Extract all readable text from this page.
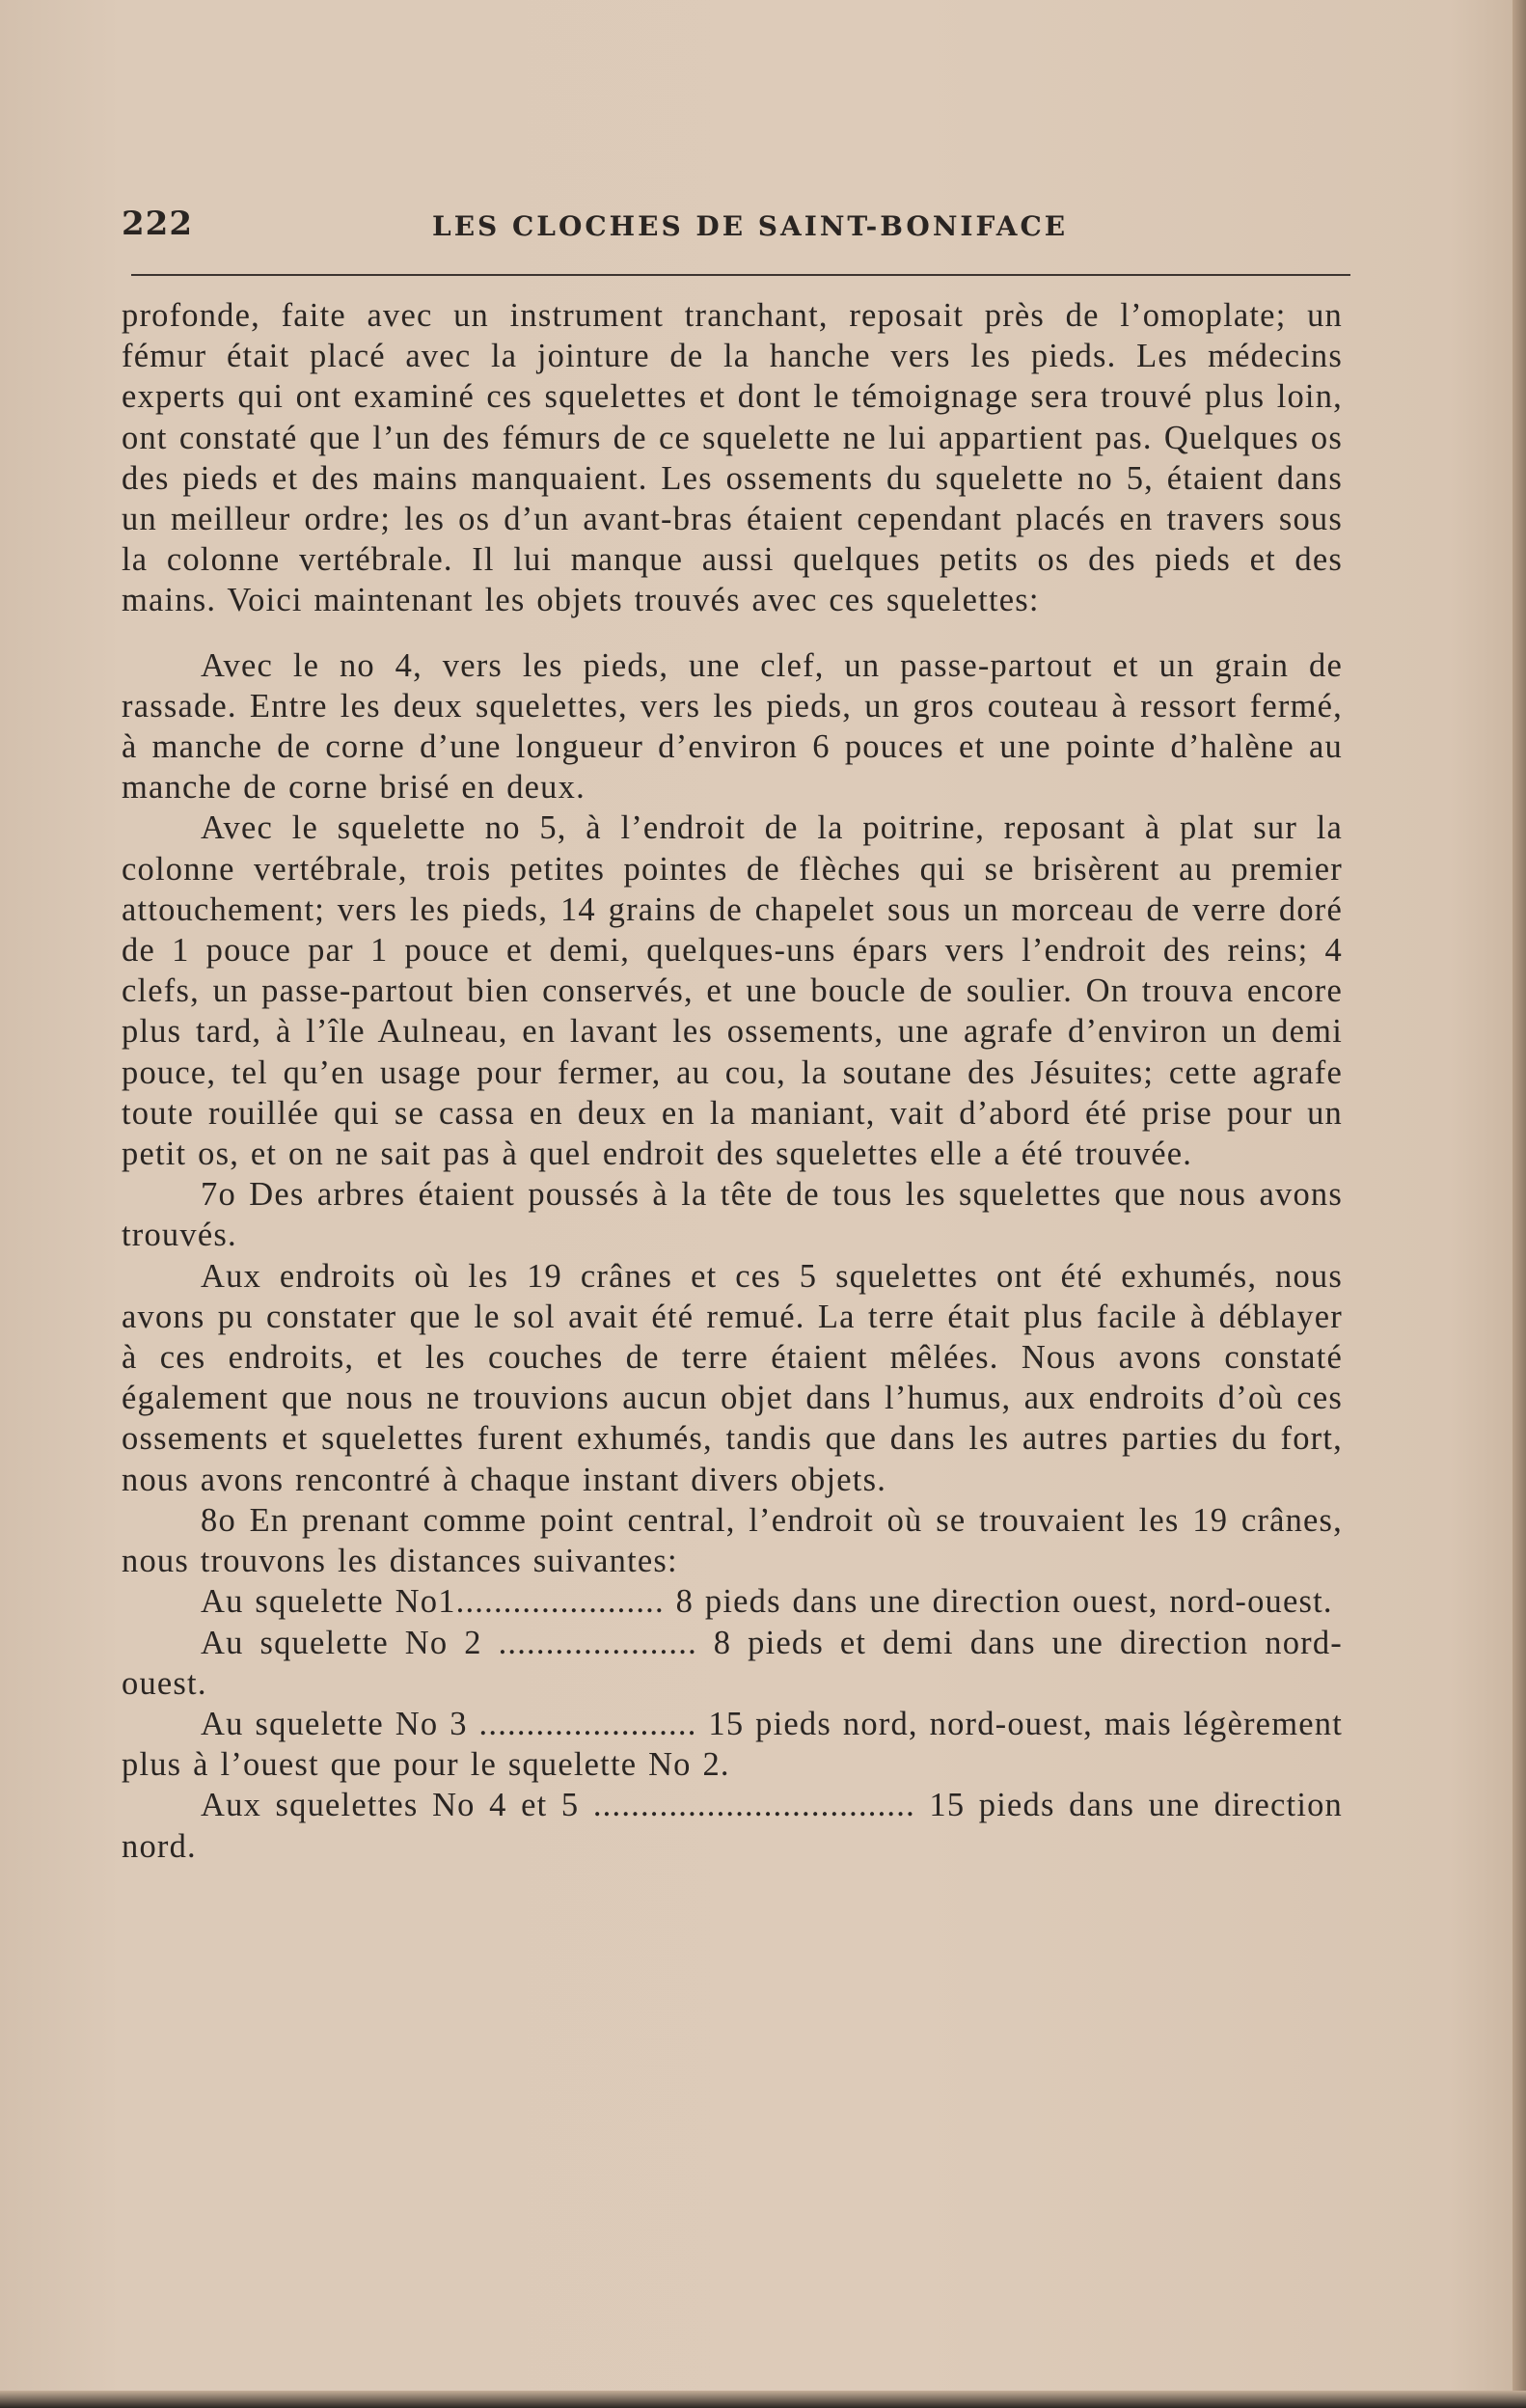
222	LES CLOCHES DE SAINT-BONIFACE

profonde, faite avec un instrument tranchant, reposait près de l’omoplate; un fémur était placé avec la jointure de la hanche vers les pieds. Les médecins experts qui ont examiné ces squelettes et dont le témoignage sera trouvé plus loin, ont constaté que l’un des fémurs de ce squelette ne lui appartient pas. Quelques os des pieds et des mains manquaient. Les ossements du squelette no 5, étaient dans un meilleur ordre; les os d’un avant-bras étaient cependant placés en travers sous la colonne vertébrale. Il lui manque aussi quelques petits os des pieds et des mains. Voici maintenant les objets trouvés avec ces squelettes:

Avec le no 4, vers les pieds, une clef, un passe-partout et un grain de rassade. Entre les deux squelettes, vers les pieds, un gros couteau à ressort fermé, à manche de corne d’une longueur d’environ 6 pouces et une pointe d’halène au manche de corne brisé en deux.

Avec le squelette no 5, à l’endroit de la poitrine, reposant à plat sur la colonne vertébrale, trois petites pointes de flèches qui se brisèrent au premier attouchement; vers les pieds, 14 grains de chapelet sous un morceau de verre doré de 1 pouce par 1 pouce et demi, quelques-uns épars vers l’endroit des reins; 4 clefs, un passe-partout bien conservés, et une boucle de soulier. On trouva encore plus tard, à l’île Aulneau, en lavant les ossements, une agrafe d’environ un demi pouce, tel qu’en usage pour fermer, au cou, la soutane des Jésuites; cette agrafe toute rouillée qui se cassa en deux en la maniant, vait d’abord été prise pour un petit os, et on ne sait pas à quel endroit des squelettes elle a été trouvée.

7o Des arbres étaient poussés à la tête de tous les squelettes que nous avons trouvés.

Aux endroits où les 19 crânes et ces 5 squelettes ont été exhumés, nous avons pu constater que le sol avait été remué. La terre était plus facile à déblayer à ces endroits, et les couches de terre étaient mêlées. Nous avons constaté également que nous ne trouvions aucun objet dans l’humus, aux endroits d’où ces ossements et squelettes furent exhumés, tandis que dans les autres parties du fort, nous avons rencontré à chaque instant divers objets.

8o En prenant comme point central, l’endroit où se trouvaient les 19 crânes, nous trouvons les distances suivantes:

Au squelette No1...................... 8 pieds dans une direction ouest, nord-ouest.

Au squelette No 2 ..................... 8 pieds et demi dans une direction nord-ouest.

Au squelette No 3 ....................... 15 pieds nord, nord-ouest, mais légèrement plus à l’ouest que pour le squelette No 2.

Aux squelettes No 4 et 5 .................................. 15 pieds dans une direction nord.
